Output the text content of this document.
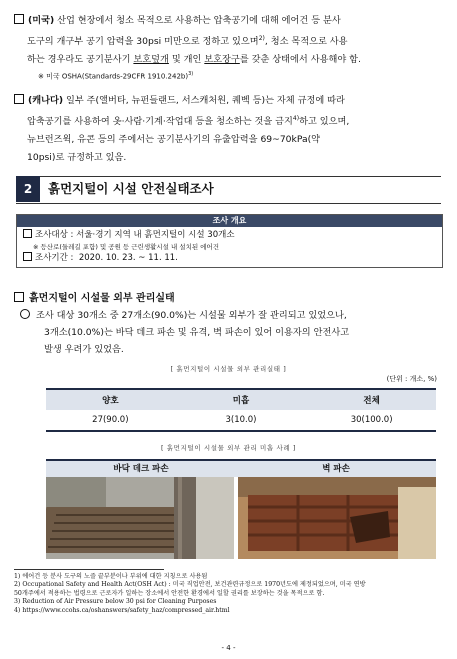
(미국) 산업 현장에서 청소 목적으로 사용하는 압축공기에 대해 에어건 등 분사
도구의 개구부 공기 압력을 30psi 미만으로 정하고 있으며$^{2)}$, 청소 목적으로 사용
하는 경우라도 공기분사기 보호덮개 및 개인 보호장구를 갖춘 상태에서 사용해야 함.
※ 미국 OSHA(Standards-29CFR 1910.242b)$^{3)}$
(캐나다) 일부 주(앨버타, 뉴펀들랜드, 서스캐처원, 퀘벡 등)는 자체 규정에 따라
압축공기를 사용하여 옷·사람·기계·작업대 등을 청소하는 것을 금지$^{4)}$하고 있으며,
뉴브런즈윅, 유콘 등의 주에서는 공기분사기의 유출압력을 69~70kPa(약
10psi)로 규정하고 있음.
2	흙먼지털이 시설 안전실태조사
조사 개요
조사대상 : 서울·경기 지역 내 흙먼지털이 시설 30개소
※ 등산로(둘레길 포함) 및 공원 등 근린생활시설 내 설치된 에어건
조사기간 : 2020. 10. 23. ~ 11. 11.
흙먼지털이 시설물 외부 관리실태
조사 대상 30개소 중 27개소(90.0%)는 시설물 외부가 잘 관리되고 있었으나,
3개소(10.0%)는 바닥 데크 파손 및 유격, 벽 파손이 있어 이용자의 안전사고
발생 우려가 있었음.
[ 흙먼지털이 시설물 외부 관리실태 ]
(단위 : 개소, %)
양호	미흡	전체
27(90.0)	3(10.0)	30(100.0)
[ 흙먼지털이 시설물 외부 관리 미흡 사례 ]
바닥 데크 파손	벽 파손
1) 에어건 등 분사 도구의 노즐 끝부분이나 부위에 대한 지칭으로 사용됨
2) Occupational Safety and Health Act(OSH Act) : 미국 직업안전, 보건관련규정으로 1970년도에 제정되었으며, 미국 연방
50개주에서 적용하는 법령으로 근로자가 일하는 장소에서 안전한 환경에서 일할 권리를 보장하는 것을 목적으로 함.
3) Reduction of Air Pressure below 30 psi for Cleaning Purposes
4) https://www.ccohs.ca/oshanswers/safety_haz/compressed_air.html
- 4 -
